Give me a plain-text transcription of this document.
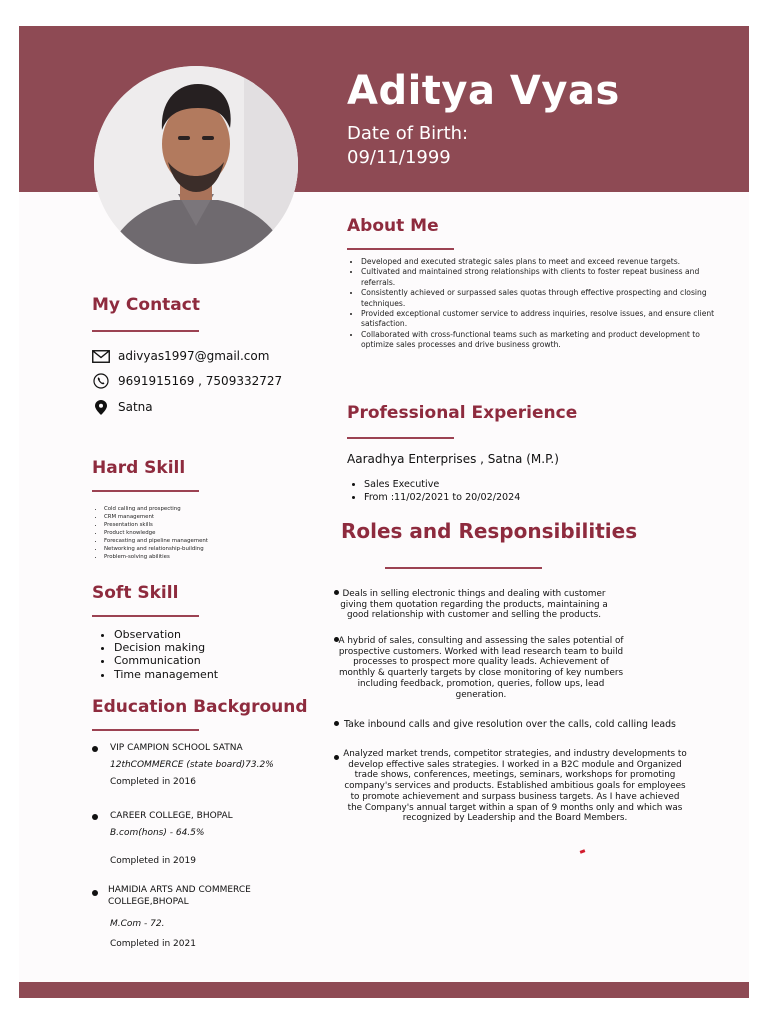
Aditya Vyas

Date of Birth:

09/11/1999

About Me
• Developed and executed strategic sales plans to meet and exceed revenue targets.
• Cultivated and maintained strong relationships with clients to foster repeat business and referrals.
• Consistently achieved or surpassed sales quotas through effective prospecting and closing techniques.
• Provided exceptional customer service to address inquiries, resolve issues, and ensure client satisfaction.
• Collaborated with cross-functional teams such as marketing and product development to optimize sales processes and drive business growth.
My Contact
adivyas1997@gmail.com
9691915169 , 7509332727
Satna
Hard Skill
• Cold calling and prospecting
• CRM management
• Presentation skills
• Product knowledge
• Forecasting and pipeline management
• Networking and relationship-building
• Problem-solving abilities
Soft Skill
• Observation
• Decision making
• Communication
• Time management
Education Background

VIP CAMPION SCHOOL SATNA

12thCOMMERCE (state board)73.2%

Completed in 2016

CAREER COLLEGE, BHOPAL

B.com(hons) - 64.5%

Completed in 2019

HAMIDIA ARTS AND COMMERCE

COLLEGE,BHOPAL

M.Com - 72.

Completed in 2021

Professional Experience

Aaradhya Enterprises , Satna (M.P.)

• Sales Executive
• From :11/02/2021 to 20/02/2024
Roles and Responsibilities

Deals in selling electronic things and dealing with customer giving them quotation regarding the products, maintaining a good relationship with customer and selling the products.

A hybrid of sales, consulting and assessing the sales potential of prospective customers. Worked with lead research team to build processes to prospect more quality leads. Achievement of monthly & quarterly targets by close monitoring of key numbers including feedback, promotion, queries, follow ups, lead generation.

Take inbound calls and give resolution over the calls, cold calling leads

Analyzed market trends, competitor strategies, and industry developments to develop effective sales strategies. I worked in a B2C module and Organized trade shows, conferences, meetings, seminars, workshops for promoting company's services and products. Established ambitious goals for employees to promote achievement and surpass business targets. As I have achieved the Company's annual target within a span of 9 months only and which was recognized by Leadership and the Board Members.
